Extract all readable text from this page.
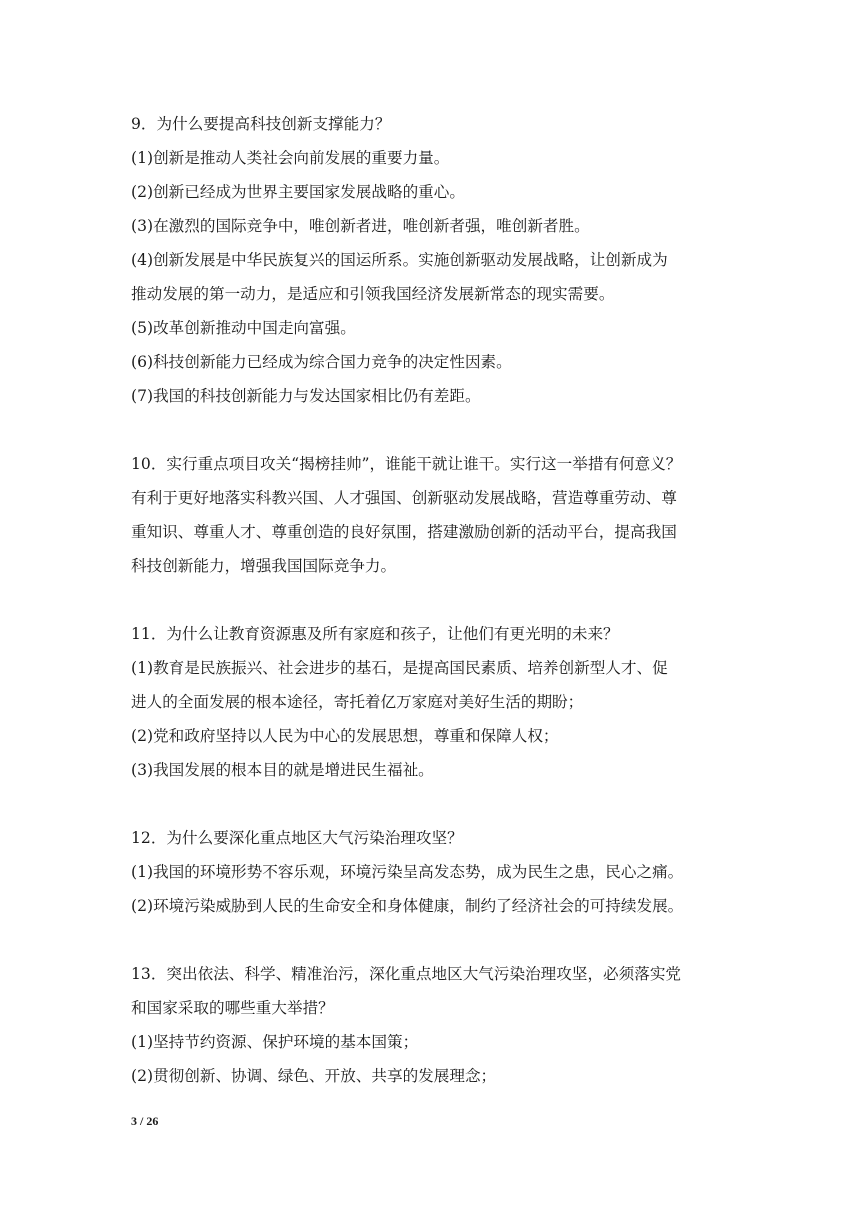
9．为什么要提高科技创新支撑能力？
(1)创新是推动人类社会向前发展的重要力量。
(2)创新已经成为世界主要国家发展战略的重心。
(3)在激烈的国际竞争中，唯创新者进，唯创新者强，唯创新者胜。
(4)创新发展是中华民族复兴的国运所系。实施创新驱动发展战略，让创新成为
推动发展的第一动力，是适应和引领我国经济发展新常态的现实需要。
(5)改革创新推动中国走向富强。
(6)科技创新能力已经成为综合国力竞争的决定性因素。
(7)我国的科技创新能力与发达国家相比仍有差距。
10．实行重点项目攻关“揭榜挂帅”，谁能干就让谁干。实行这一举措有何意义？
有利于更好地落实科教兴国、人才强国、创新驱动发展战略，营造尊重劳动、尊
重知识、尊重人才、尊重创造的良好氛围，搭建激励创新的活动平台，提高我国
科技创新能力，增强我国国际竞争力。
11．为什么让教育资源惠及所有家庭和孩子，让他们有更光明的未来？
(1)教育是民族振兴、社会进步的基石，是提高国民素质、培养创新型人才、促
进人的全面发展的根本途径，寄托着亿万家庭对美好生活的期盼；
(2)党和政府坚持以人民为中心的发展思想，尊重和保障人权；
(3)我国发展的根本目的就是增进民生福祉。
12．为什么要深化重点地区大气污染治理攻坚？
(1)我国的环境形势不容乐观，环境污染呈高发态势，成为民生之患，民心之痛。
(2)环境污染威胁到人民的生命安全和身体健康，制约了经济社会的可持续发展。
13．突出依法、科学、精准治污，深化重点地区大气污染治理攻坚，必须落实党
和国家采取的哪些重大举措？
(1)坚持节约资源、保护环境的基本国策；
(2)贯彻创新、协调、绿色、开放、共享的发展理念；
3 / 26
